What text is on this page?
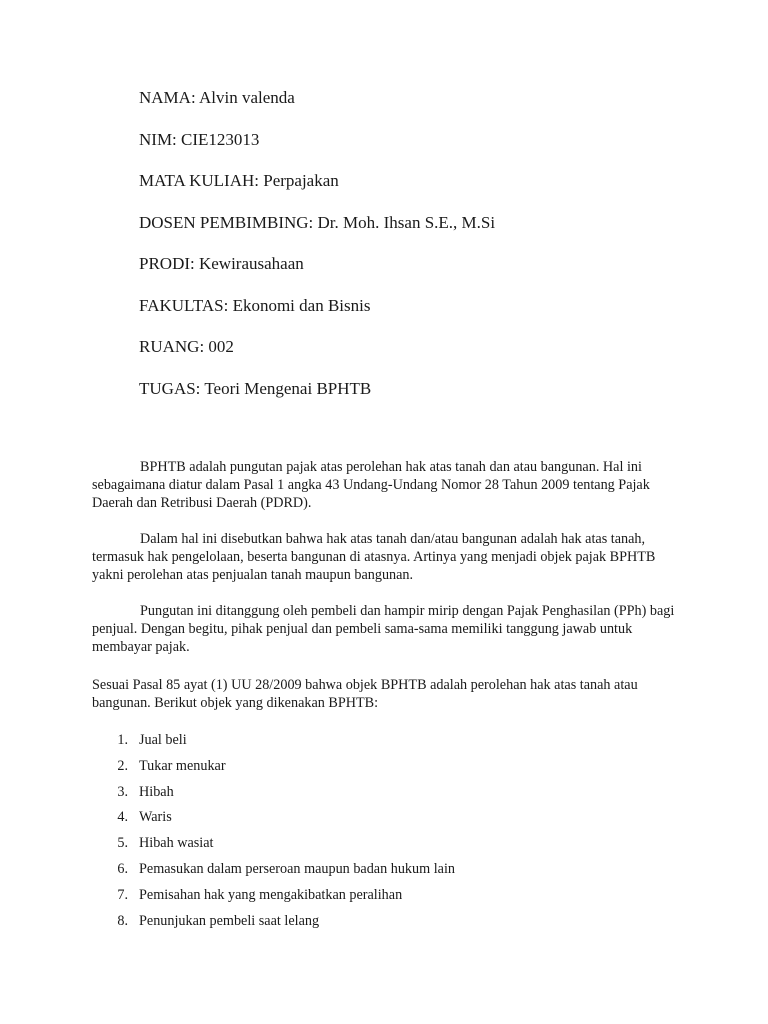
NAMA: Alvin valenda

NIM: CIE123013

MATA KULIAH: Perpajakan

DOSEN PEMBIMBING: Dr. Moh. Ihsan S.E., M.Si

PRODI: Kewirausahaan

FAKULTAS: Ekonomi dan Bisnis

RUANG: 002

TUGAS: Teori Mengenai BPHTB

BPHTB adalah pungutan pajak atas perolehan hak atas tanah dan atau bangunan. Hal ini sebagaimana diatur dalam Pasal 1 angka 43 Undang-Undang Nomor 28 Tahun 2009 tentang Pajak Daerah dan Retribusi Daerah (PDRD).

Dalam hal ini disebutkan bahwa hak atas tanah dan/atau bangunan adalah hak atas tanah, termasuk hak pengelolaan, beserta bangunan di atasnya. Artinya yang menjadi objek pajak BPHTB yakni perolehan atas penjualan tanah maupun bangunan.

Pungutan ini ditanggung oleh pembeli dan hampir mirip dengan Pajak Penghasilan (PPh) bagi penjual. Dengan begitu, pihak penjual dan pembeli sama-sama memiliki tanggung jawab untuk membayar pajak.

Sesuai Pasal 85 ayat (1) UU 28/2009 bahwa objek BPHTB adalah perolehan hak atas tanah atau bangunan. Berikut objek yang dikenakan BPHTB:

1. Jual beli
2. Tukar menukar
3. Hibah
4. Waris
5. Hibah wasiat
6. Pemasukan dalam perseroan maupun badan hukum lain
7. Pemisahan hak yang mengakibatkan peralihan
8. Penunjukan pembeli saat lelang
